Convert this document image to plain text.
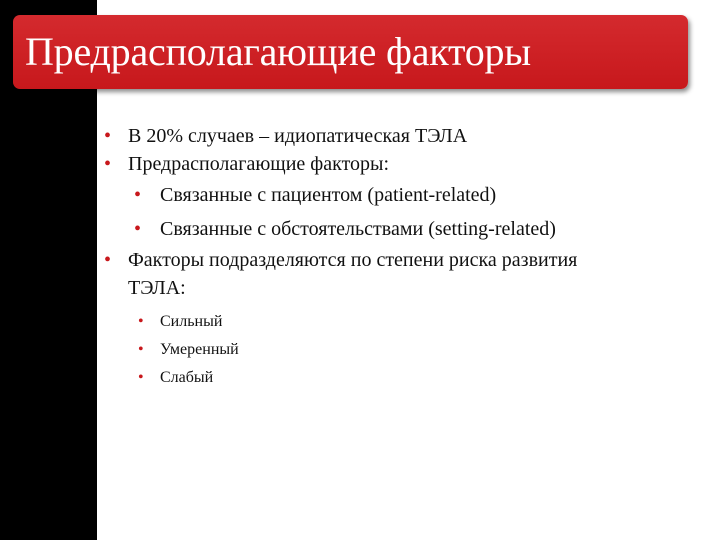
Предрасполагающие факторы
• В 20% случаев – идиопатическая ТЭЛА
• Предрасполагающие факторы:
• Связанные с пациентом (patient-related)
• Связанные с обстоятельствами (setting-related)
• Факторы подразделяются по степени риска развития
ТЭЛА:
• Сильный
• Умеренный
• Слабый
